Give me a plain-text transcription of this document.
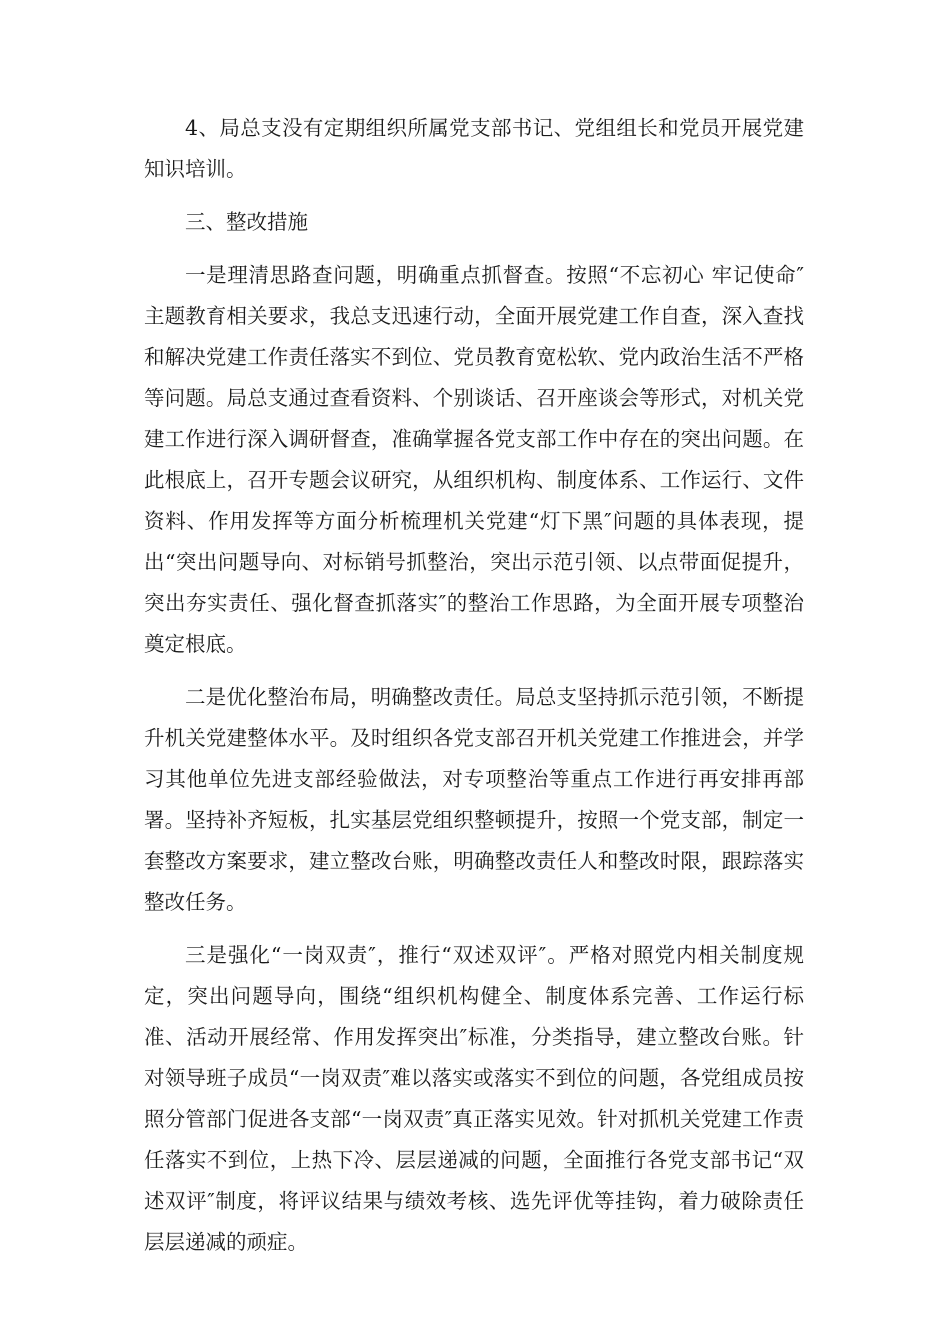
4、局总支没有定期组织所属党支部书记、党组组长和党员开展党建知识培训。

三、整改措施

一是理清思路查问题，明确重点抓督查。按照“不忘初心 牢记使命″主题教育相关要求，我总支迅速行动，全面开展党建工作自查，深入查找和解决党建工作责任落实不到位、党员教育宽松软、党内政治生活不严格等问题。局总支通过查看资料、个别谈话、召开座谈会等形式，对机关党建工作进行深入调研督查，准确掌握各党支部工作中存在的突出问题。在此根底上，召开专题会议研究，从组织机构、制度体系、工作运行、文件资料、作用发挥等方面分析梳理机关党建“灯下黑″问题的具体表现，提出“突出问题导向、对标销号抓整治，突出示范引领、以点带面促提升，突出夯实责任、强化督查抓落实″的整治工作思路，为全面开展专项整治奠定根底。

二是优化整治布局，明确整改责任。局总支坚持抓示范引领，不断提升机关党建整体水平。及时组织各党支部召开机关党建工作推进会，并学习其他单位先进支部经验做法，对专项整治等重点工作进行再安排再部署。坚持补齐短板，扎实基层党组织整顿提升，按照一个党支部，制定一套整改方案要求，建立整改台账，明确整改责任人和整改时限，跟踪落实整改任务。

三是强化“一岗双责″，推行“双述双评″。严格对照党内相关制度规定，突出问题导向，围绕“组织机构健全、制度体系完善、工作运行标准、活动开展经常、作用发挥突出″标准，分类指导，建立整改台账。针对领导班子成员“一岗双责″难以落实或落实不到位的问题，各党组成员按照分管部门促进各支部“一岗双责″真正落实见效。针对抓机关党建工作责任落实不到位，上热下冷、层层递减的问题，全面推行各党支部书记“双述双评″制度，将评议结果与绩效考核、选先评优等挂钩，着力破除责任层层递减的顽症。
